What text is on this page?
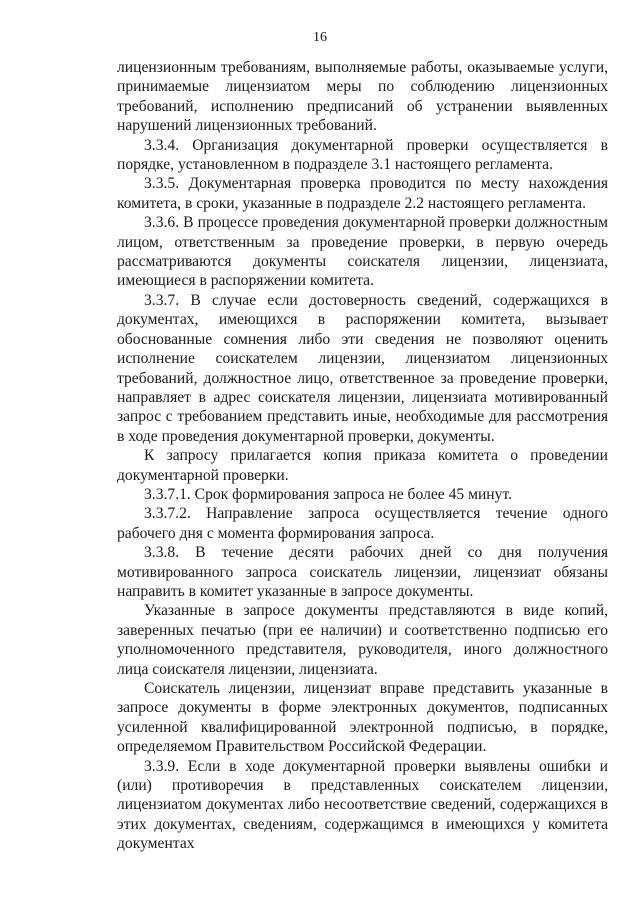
16

лицензионным требованиям, выполняемые работы, оказываемые услуги, принимаемые лицензиатом меры по соблюдению лицензионных требований, исполнению предписаний об устранении выявленных нарушений лицензионных требований.

3.3.4. Организация документарной проверки осуществляется в порядке, установленном в подразделе 3.1 настоящего регламента.

3.3.5. Документарная проверка проводится по месту нахождения комитета, в сроки, указанные в подразделе 2.2 настоящего регламента.

3.3.6. В процессе проведения документарной проверки должностным лицом, ответственным за проведение проверки, в первую очередь рассматриваются документы соискателя лицензии, лицензиата, имеющиеся в распоряжении комитета.

3.3.7. В случае если достоверность сведений, содержащихся в документах, имеющихся в распоряжении комитета, вызывает обоснованные сомнения либо эти сведения не позволяют оценить исполнение соискателем лицензии, лицензиатом лицензионных требований, должностное лицо, ответственное за проведение проверки, направляет в адрес соискателя лицензии, лицензиата мотивированный запрос с требованием представить иные, необходимые для рассмотрения в ходе проведения документарной проверки, документы.

К запросу прилагается копия приказа комитета о проведении документарной проверки.

3.3.7.1. Срок формирования запроса не более 45 минут.

3.3.7.2. Направление запроса осуществляется течение одного рабочего дня с момента формирования запроса.

3.3.8. В течение десяти рабочих дней со дня получения мотивированного запроса соискатель лицензии, лицензиат обязаны направить в комитет указанные в запросе документы.

Указанные в запросе документы представляются в виде копий, заверенных печатью (при ее наличии) и соответственно подписью его уполномоченного представителя, руководителя, иного должностного лица соискателя лицензии, лицензиата.

Соискатель лицензии, лицензиат вправе представить указанные в запросе документы в форме электронных документов, подписанных усиленной квалифицированной электронной подписью, в порядке, определяемом Правительством Российской Федерации.

3.3.9. Если в ходе документарной проверки выявлены ошибки и (или) противоречия в представленных соискателем лицензии, лицензиатом документах либо несоответствие сведений, содержащихся в этих документах, сведениям, содержащимся в имеющихся у комитета документах
